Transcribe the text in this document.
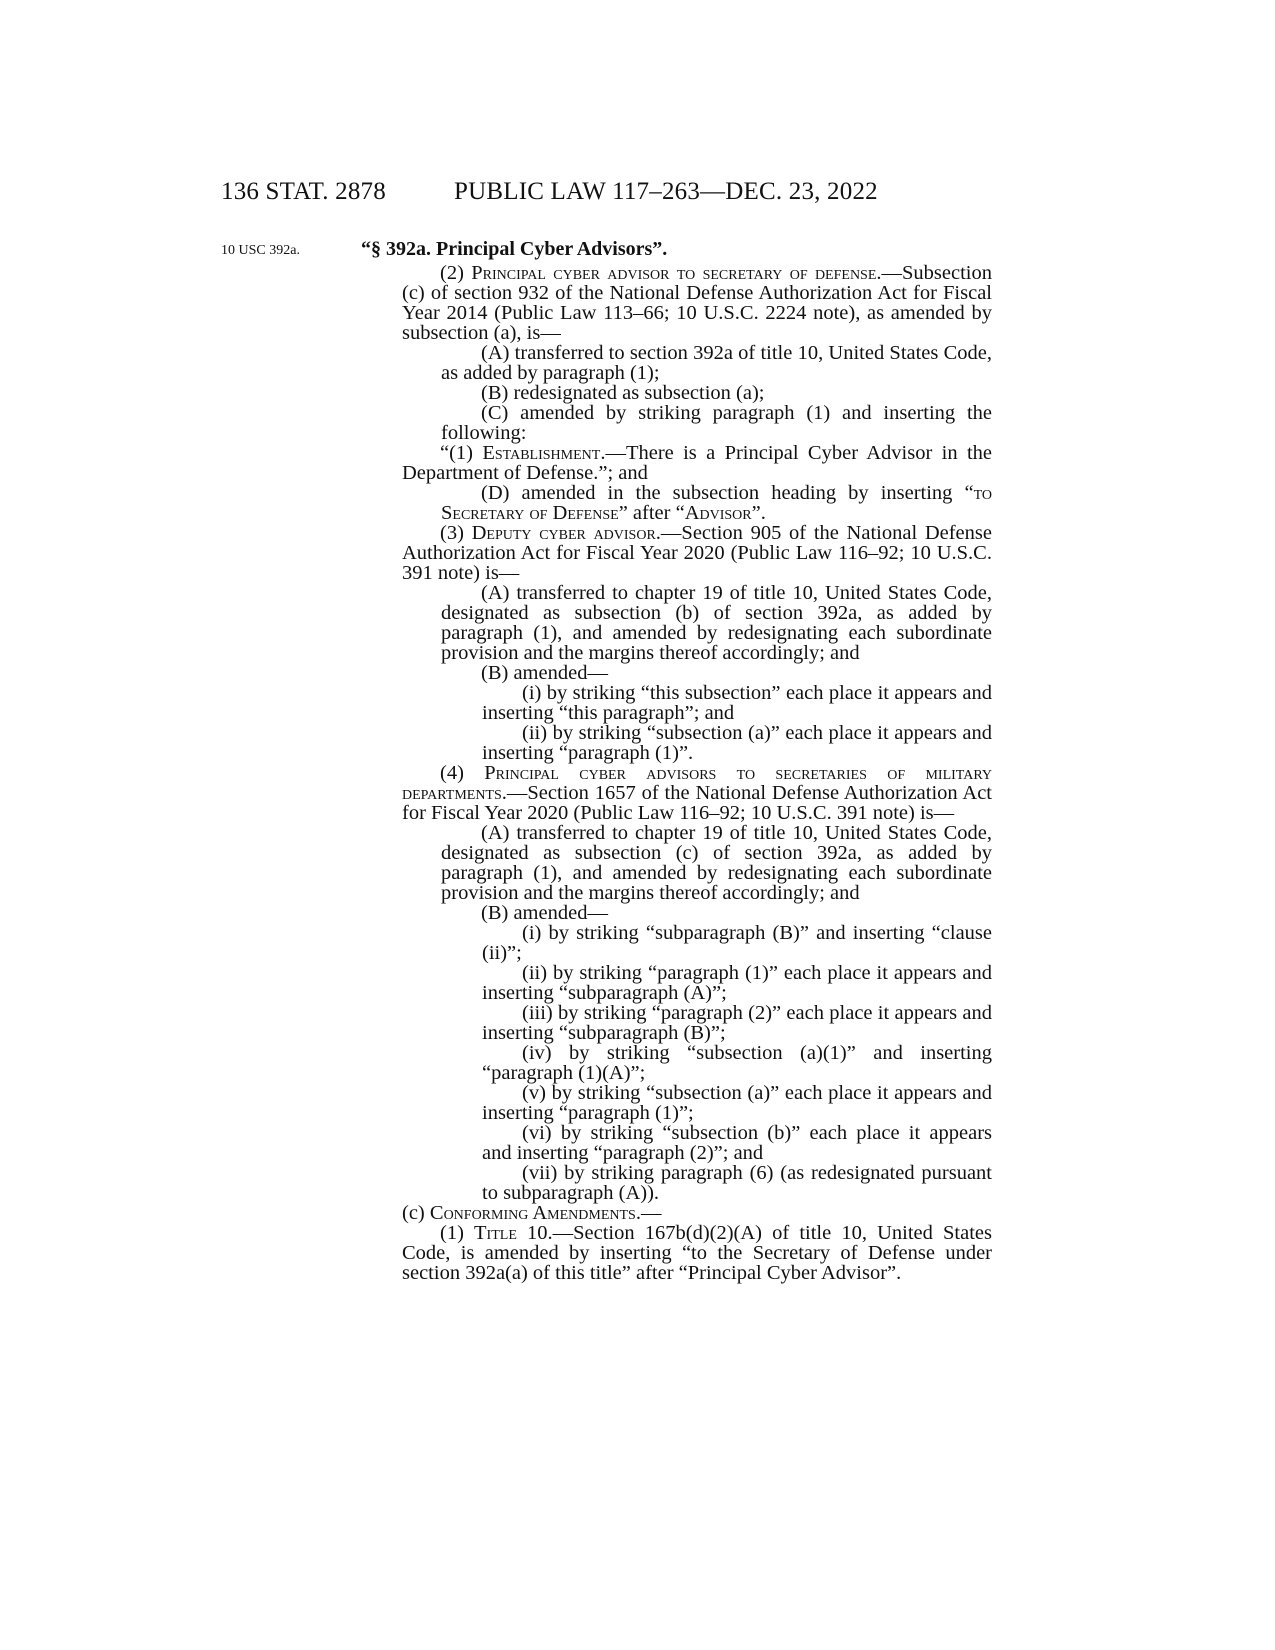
136 STAT. 2878	PUBLIC LAW 117–263—DEC. 23, 2022
10 USC 392a.	“§ 392a. Principal Cyber Advisors”.
(2) Principal cyber advisor to secretary of defense.—Subsection (c) of section 932 of the National Defense Authorization Act for Fiscal Year 2014 (Public Law 113–66; 10 U.S.C. 2224 note), as amended by subsection (a), is—
(A) transferred to section 392a of title 10, United States Code, as added by paragraph (1);
(B) redesignated as subsection (a);
(C) amended by striking paragraph (1) and inserting the following:
“(1) Establishment.—There is a Principal Cyber Advisor in the Department of Defense.”; and
(D) amended in the subsection heading by inserting “to Secretary of Defense” after “Advisor”.
(3) Deputy cyber advisor.—Section 905 of the National Defense Authorization Act for Fiscal Year 2020 (Public Law 116–92; 10 U.S.C. 391 note) is—
(A) transferred to chapter 19 of title 10, United States Code, designated as subsection (b) of section 392a, as added by paragraph (1), and amended by redesignating each subordinate provision and the margins thereof accordingly; and
(B) amended—
(i) by striking “this subsection” each place it appears and inserting “this paragraph”; and
(ii) by striking “subsection (a)” each place it appears and inserting “paragraph (1)”.
(4) Principal cyber advisors to secretaries of military departments.—Section 1657 of the National Defense Authorization Act for Fiscal Year 2020 (Public Law 116–92; 10 U.S.C. 391 note) is—
(A) transferred to chapter 19 of title 10, United States Code, designated as subsection (c) of section 392a, as added by paragraph (1), and amended by redesignating each subordinate provision and the margins thereof accordingly; and
(B) amended—
(i) by striking “subparagraph (B)” and inserting “clause (ii)”;
(ii) by striking “paragraph (1)” each place it appears and inserting “subparagraph (A)”;
(iii) by striking “paragraph (2)” each place it appears and inserting “subparagraph (B)”;
(iv) by striking “subsection (a)(1)” and inserting “paragraph (1)(A)”;
(v) by striking “subsection (a)” each place it appears and inserting “paragraph (1)”;
(vi) by striking “subsection (b)” each place it appears and inserting “paragraph (2)”; and
(vii) by striking paragraph (6) (as redesignated pursuant to subparagraph (A)).
(c) Conforming Amendments.—
(1) Title 10.—Section 167b(d)(2)(A) of title 10, United States Code, is amended by inserting “to the Secretary of Defense under section 392a(a) of this title” after “Principal Cyber Advisor”.
